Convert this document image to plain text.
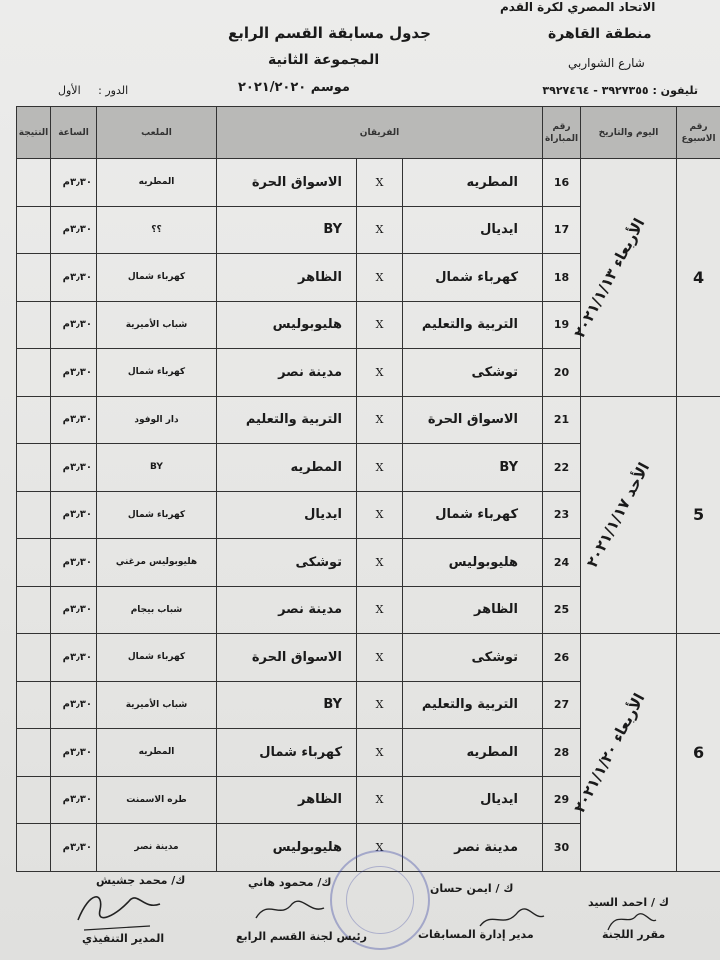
الاتحاد المصري لكرة القدم
منطقة القاهرة
شارع الشواربي
تليفون : ٣٩٢٧٣٥٥ - ٣٩٢٧٤٦٤
جدول مسابقة القسم الرابع
المجموعة الثانية
موسم ٢٠٢١/٢٠٢٠
الدور : الأول
رقم الاسبوع	اليوم والتاريخ	رقم المباراة	الفريقان			الملعب	الساعة	النتيجة
4	الأربعاء ٢٠٢١/١/١٣	16	المطريه	X	الاسواق الحرة	المطريه	٣٫٣٠م	
		17	ايديال	X	BY	؟؟	٣٫٣٠م	
		18	كهرباء شمال	X	الظاهر	كهرباء شمال	٣٫٣٠م	
		19	التربية والتعليم	X	هليوبوليس	شباب الأميرية	٣٫٣٠م	
		20	توشكى	X	مدينة نصر	كهرباء شمال	٣٫٣٠م	
5	الأحد ٢٠٢١/١/١٧	21	الاسواق الحرة	X	التربية والتعليم	دار الوفود	٣٫٣٠م	
		22	BY	X	المطريه	BY	٣٫٣٠م	
		23	كهرباء شمال	X	ايديال	كهرباء شمال	٣٫٣٠م	
		24	هليوبوليس	X	توشكى	هليوبوليس مرغني	٣٫٣٠م	
		25	الظاهر	X	مدينة نصر	شباب بيجام	٣٫٣٠م	
6	الأربعاء ٢٠٢١/١/٢٠	26	توشكى	X	الاسواق الحرة	كهرباء شمال	٣٫٣٠م	
		27	التربية والتعليم	X	BY	شباب الأميرية	٣٫٣٠م	
		28	المطريه	X	كهرباء شمال	المطريه	٣٫٣٠م	
		29	ايديال	X	الظاهر	طره الاسمنت	٣٫٣٠م	
		30	مدينة نصر	X	هليوبوليس	مدينة نصر	٣٫٣٠م	
ك / احمد السيد
مقرر اللجنة
ك / ايمن حسان
مدير إدارة المسابقات
ك/ محمود هاني
رئيس لجنة القسم الرابع
ك/ محمد جشيش
المدير التنفيذي
